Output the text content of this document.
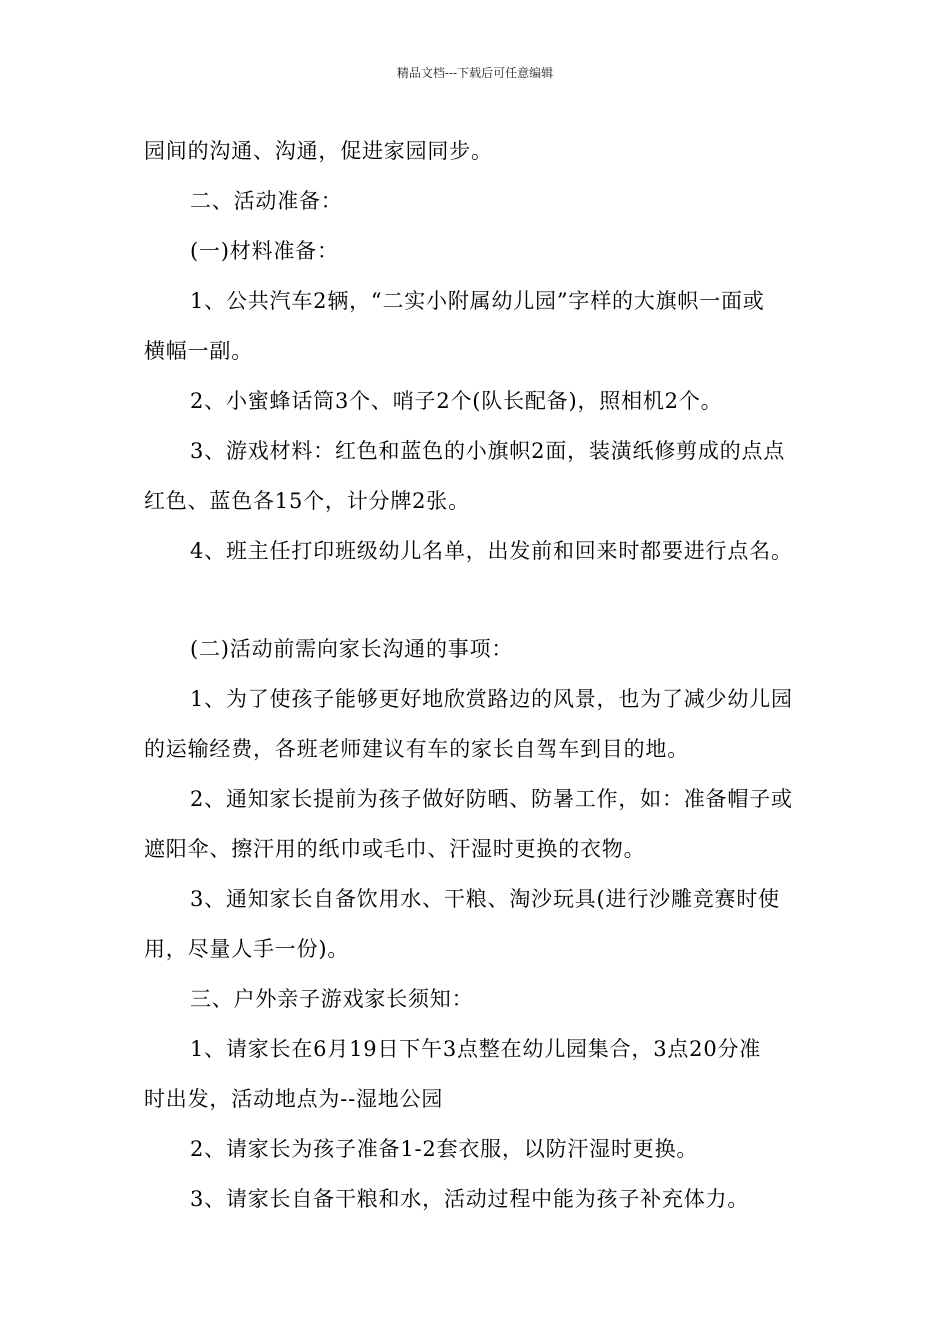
精品文档---下载后可任意编辑
园间的沟通、沟通，促进家园同步。
二、活动准备：
(一)材料准备：
1、公共汽车2辆，“二实小附属幼儿园”字样的大旗帜一面或
横幅一副。
2、小蜜蜂话筒3个、哨子2个(队长配备)，照相机2个。
3、游戏材料：红色和蓝色的小旗帜2面，装潢纸修剪成的点点
红色、蓝色各15个，计分牌2张。
4、班主任打印班级幼儿名单，出发前和回来时都要进行点名。
(二)活动前需向家长沟通的事项：
1、为了使孩子能够更好地欣赏路边的风景，也为了减少幼儿园
的运输经费，各班老师建议有车的家长自驾车到目的地。
2、通知家长提前为孩子做好防晒、防暑工作，如：准备帽子或
遮阳伞、擦汗用的纸巾或毛巾、汗湿时更换的衣物。
3、通知家长自备饮用水、干粮、淘沙玩具(进行沙雕竞赛时使
用，尽量人手一份)。
三、户外亲子游戏家长须知：
1、请家长在6月19日下午3点整在幼儿园集合，3点20分准
时出发，活动地点为--湿地公园
2、请家长为孩子准备1-2套衣服，以防汗湿时更换。
3、请家长自备干粮和水，活动过程中能为孩子补充体力。
